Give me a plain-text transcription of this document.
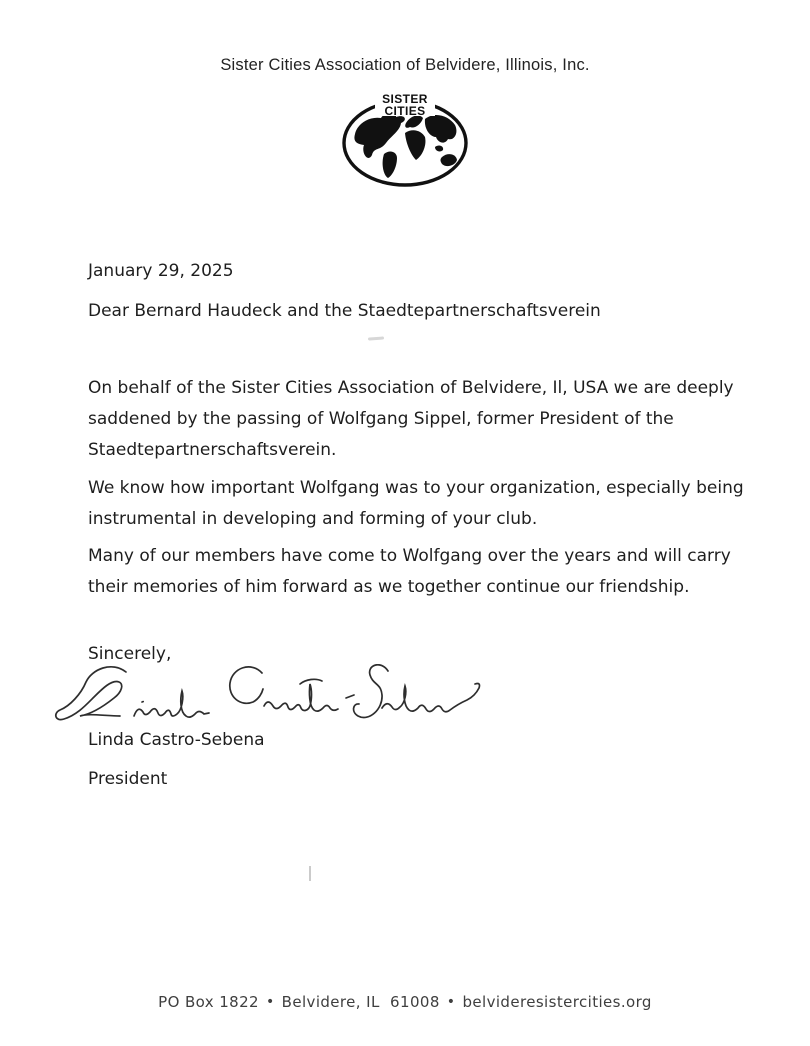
Sister Cities Association of Belvidere, Illinois, Inc.
SISTER
CITIES

January 29, 2025

Dear Bernard Haudeck and the Staedtepartnerschaftsverein

On behalf of the Sister Cities Association of Belvidere, Il, USA we are deeply saddened by the passing of Wolfgang Sippel, former President of the Staedtepartnerschaftsverein.

We know how important Wolfgang was to your organization, especially being instrumental in developing and forming of your club.

Many of our members have come to Wolfgang over the years and will carry their memories of him forward as we together continue our friendship.

Sincerely,

Linda Castro-Sebena

President

PO Box 1822 • Belvidere, IL  61008 • belvideresistercities.org
